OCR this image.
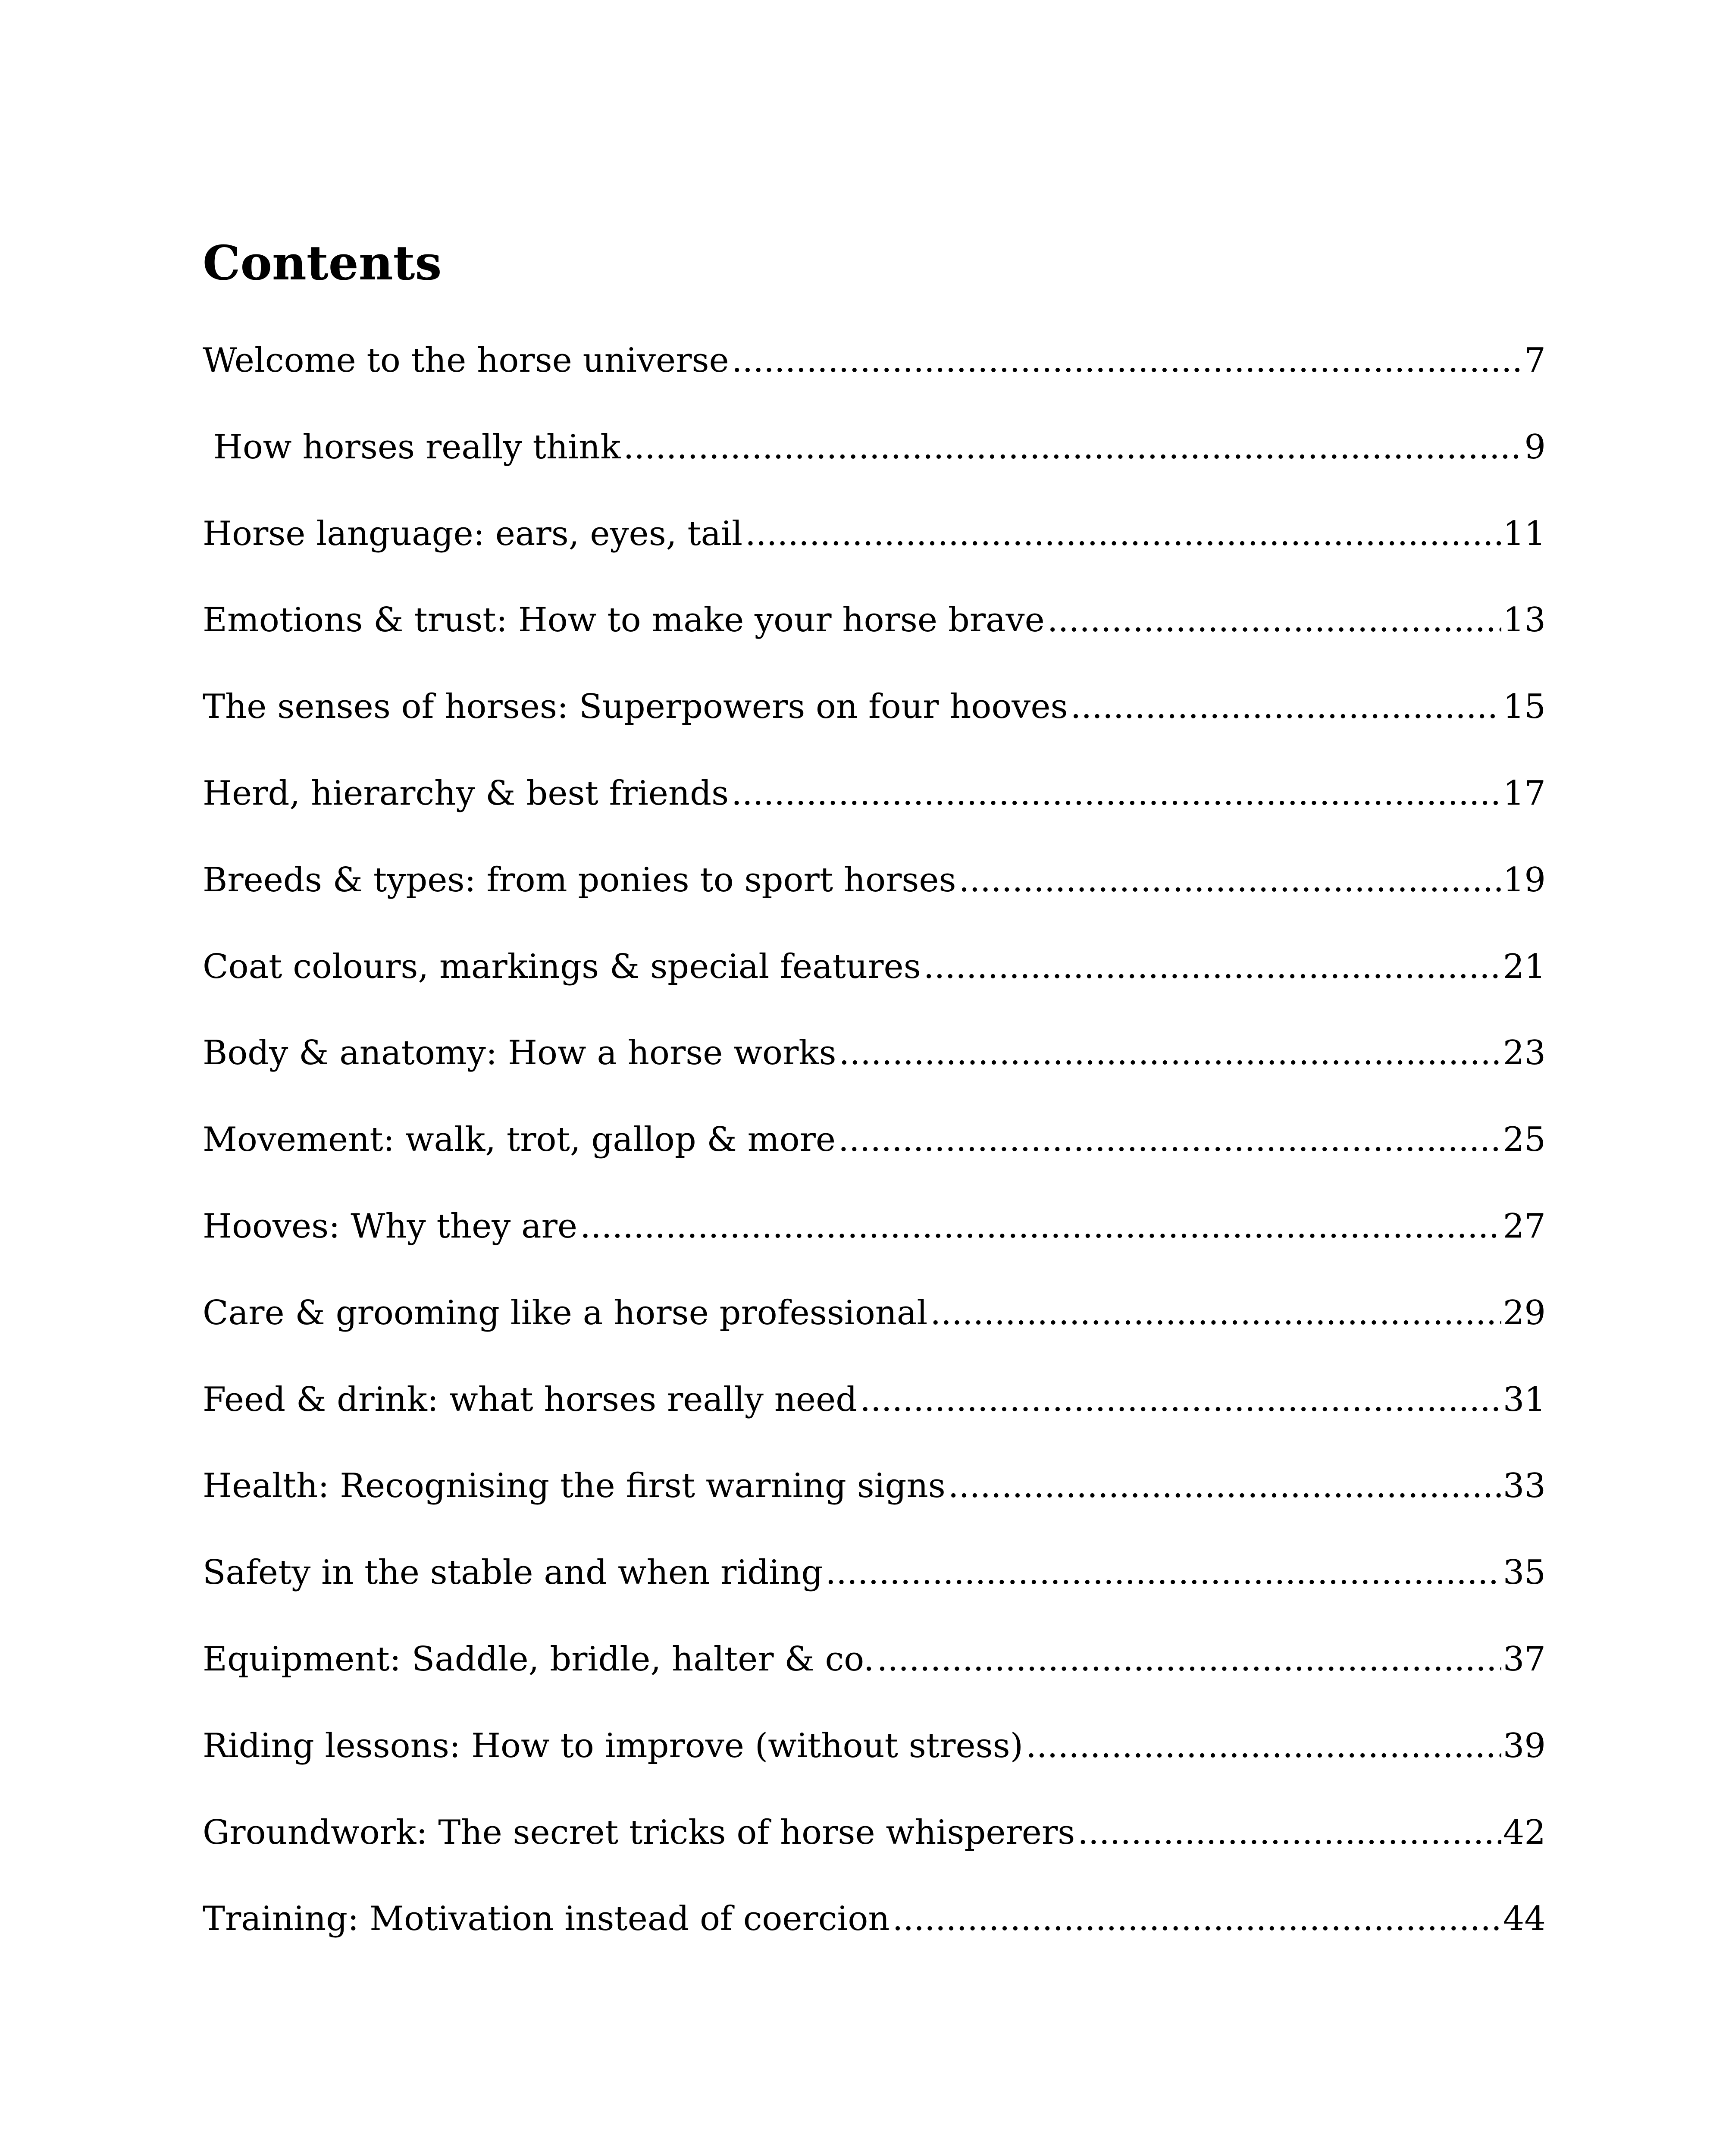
Contents
Welcome to the horse universe .....	7
How horses really think .....	9
Horse language: ears, eyes, tail .....	11
Emotions & trust: How to make your horse brave .....	13
The senses of horses: Superpowers on four hooves .....	15
Herd, hierarchy & best friends .....	17
Breeds & types: from ponies to sport horses .....	19
Coat colours, markings & special features .....	21
Body & anatomy: How a horse works .....	23
Movement: walk, trot, gallop & more .....	25
Hooves: Why they are .....	27
Care & grooming like a horse professional .....	29
Feed & drink: what horses really need .....	31
Health: Recognising the first warning signs .....	33
Safety in the stable and when riding .....	35
Equipment: Saddle, bridle, halter & co. .....	37
Riding lessons: How to improve (without stress) .....	39
Groundwork: The secret tricks of horse whisperers .....	42
Training: Motivation instead of coercion .....	44
